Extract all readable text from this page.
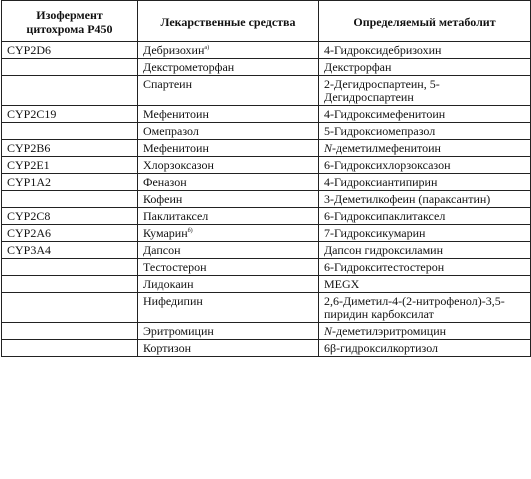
Изофермент цитохрома Р450	Лекарственные средства	Определяемый метаболит
CYP2D6	Дебризохин$^{а)}$	4-Гидроксидебризохин
	Декстрометорфан	Декстрорфан
	Спартеин	2-Дегидроспартеин, 5-Дегидроспартеин
CYP2C19	Мефенитоин	4-Гидроксимефенитоин
	Омепразол	5-Гидроксиомепразол
CYP2B6	Мефенитоин	N-деметилмефенитоин
CYP2E1	Хлорзоксазон	6-Гидроксихлорзоксазон
CYP1A2	Феназон	4-Гидроксиантипирин
	Кофеин	3-Деметилкофеин (параксантин)
CYP2C8	Паклитаксел	6-Гидроксипаклитаксел
CYP2A6	Кумарин$^{б)}$	7-Гидроксикумарин
CYP3A4	Дапсон	Дапсон гидроксиламин
	Тестостерон	6-Гидрокситестостерон
	Лидокаин	MEGX
	Нифедипин	2,6-Диметил-4-(2-нитрофенол)-3,5-пиридин карбоксилат
	Эритромицин	N-деметилэритромицин
	Кортизон	6β-гидроксилкортизол
